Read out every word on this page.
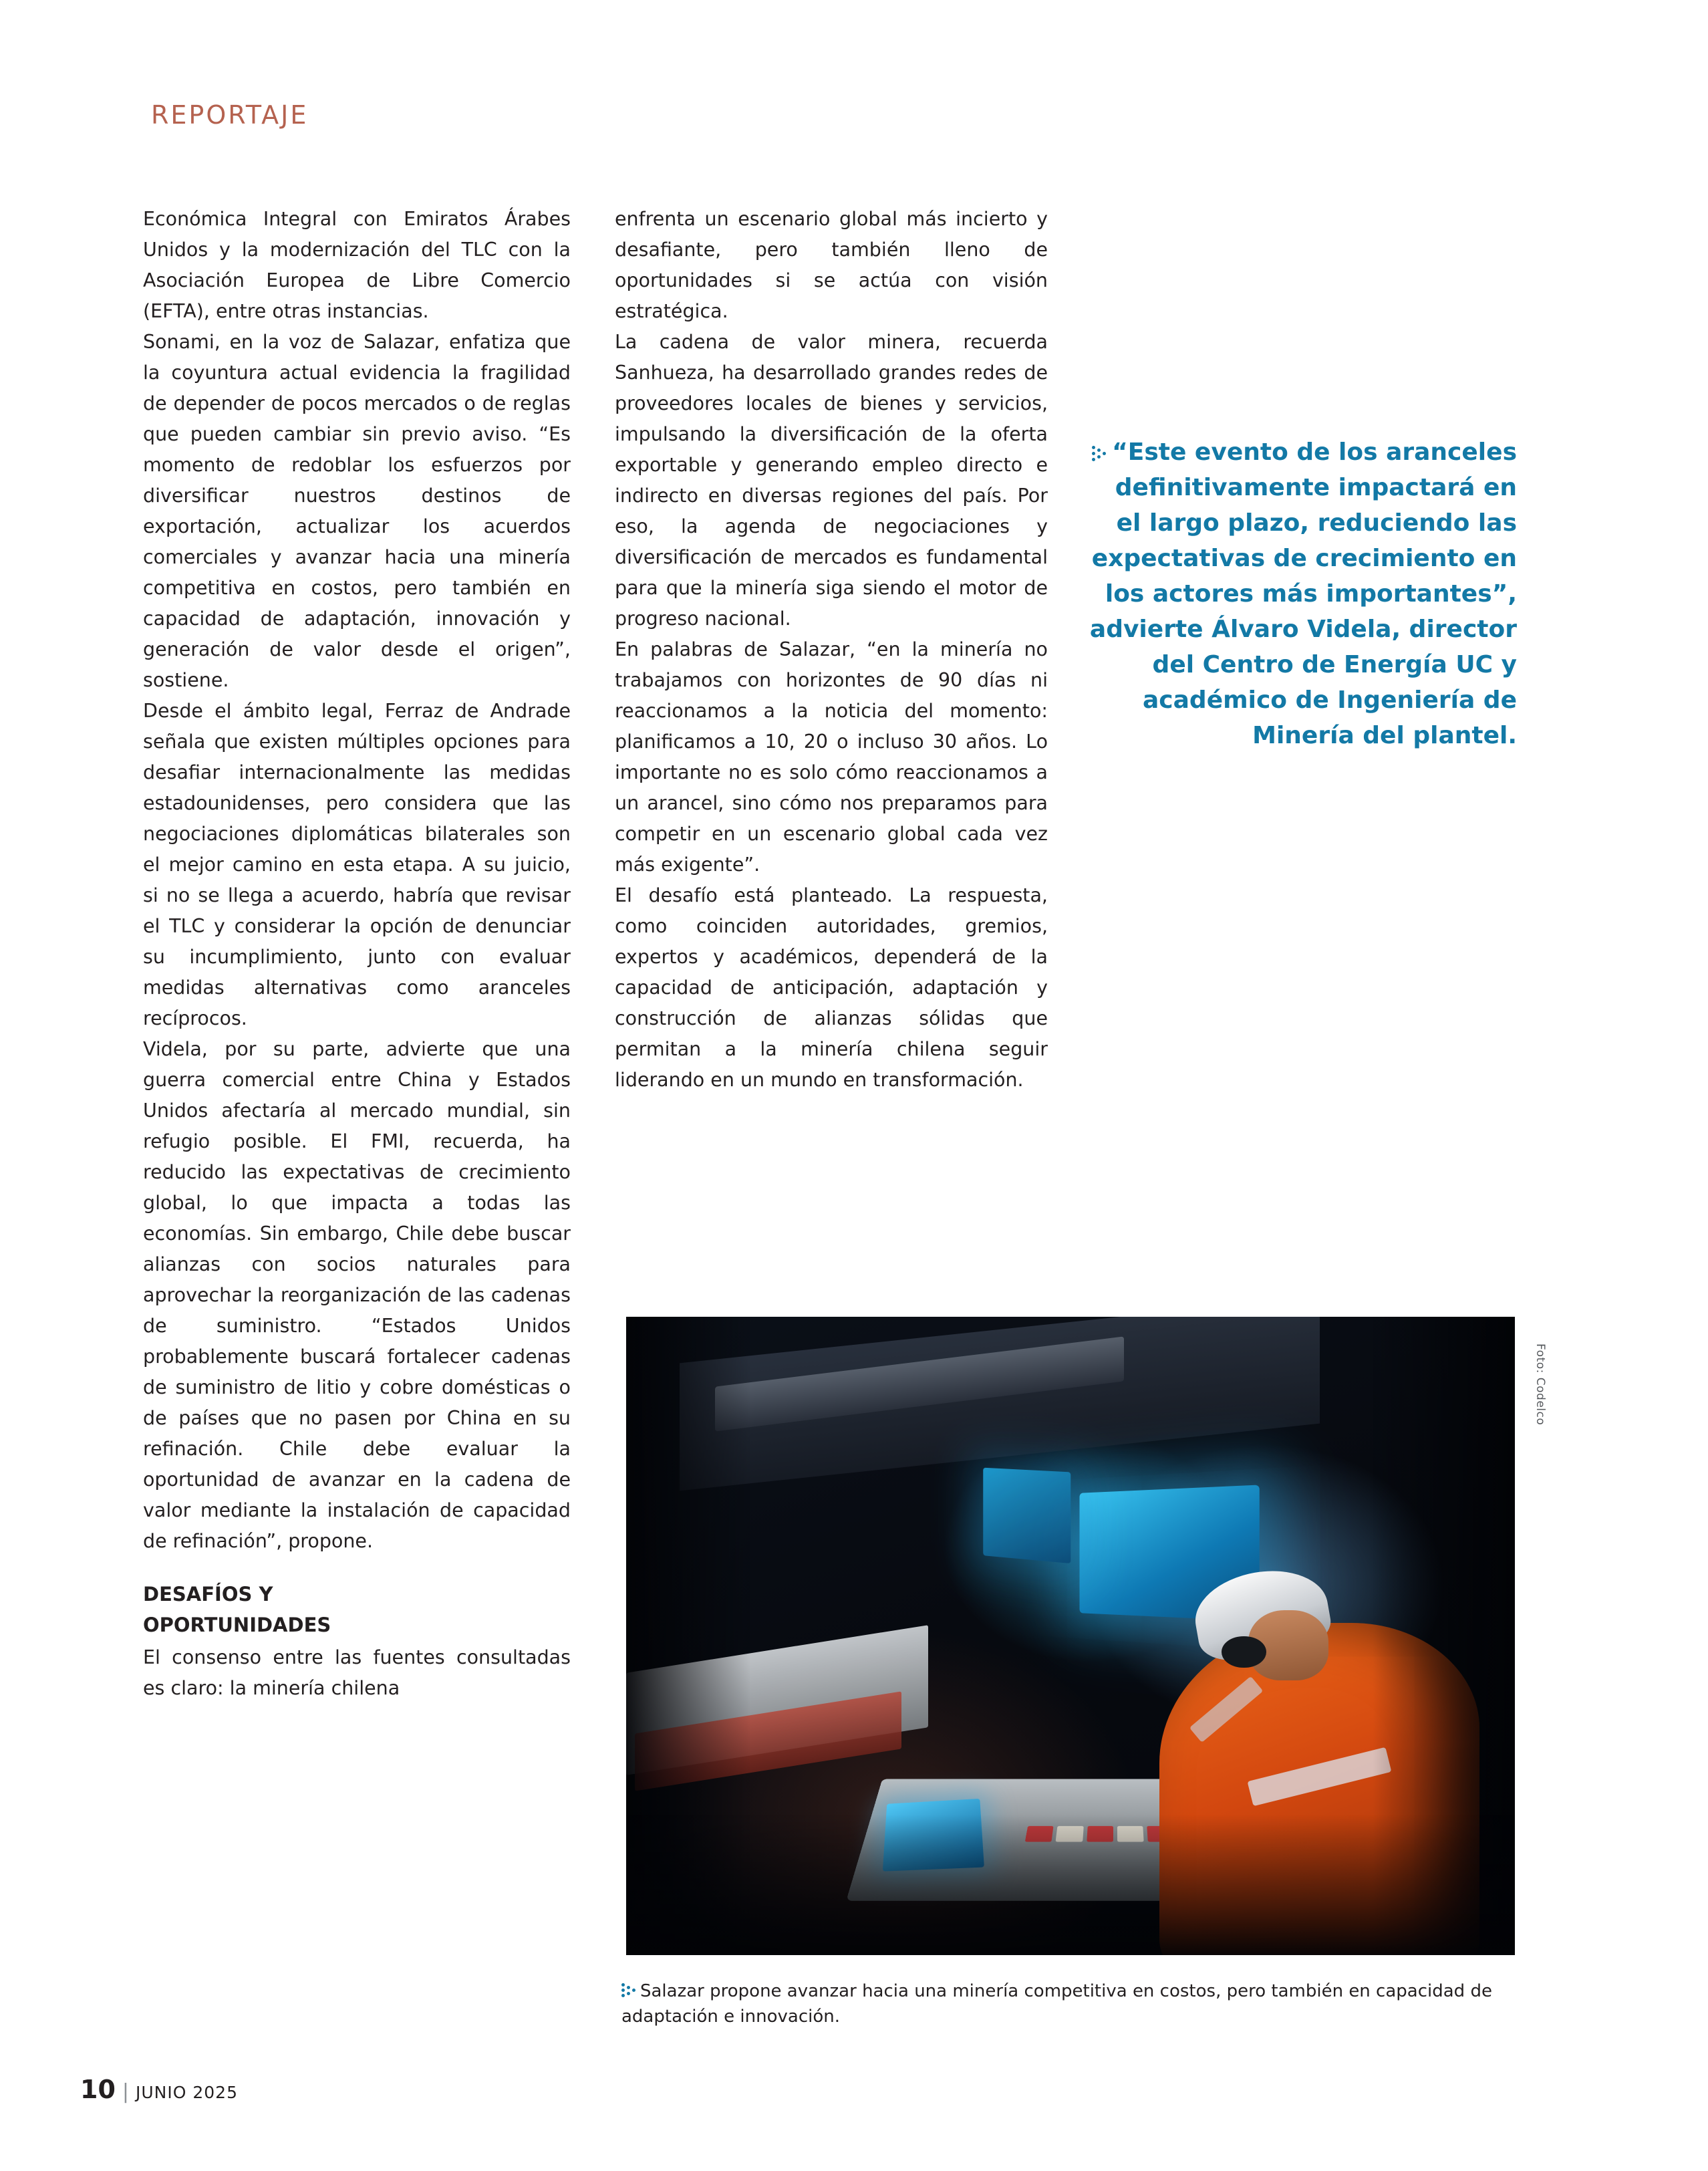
REPORTAJE

Económica Integral con Emiratos Árabes Unidos y la modernización del TLC con la Asociación Europea de Libre Comercio (EFTA), entre otras instancias.

Sonami, en la voz de Salazar, enfatiza que la coyuntura actual evidencia la fragilidad de depender de pocos mercados o de reglas que pueden cambiar sin previo aviso. “Es momento de redoblar los esfuerzos por diversificar nuestros destinos de exportación, actualizar los acuerdos comerciales y avanzar hacia una minería competitiva en costos, pero también en capacidad de adaptación, innovación y generación de valor desde el origen”, sostiene.

Desde el ámbito legal, Ferraz de Andrade señala que existen múltiples opciones para desafiar internacionalmente las medidas estadounidenses, pero considera que las negociaciones diplomáticas bilaterales son el mejor camino en esta etapa. A su juicio, si no se llega a acuerdo, habría que revisar el TLC y considerar la opción de denunciar su incumplimiento, junto con evaluar medidas alternativas como aranceles recíprocos.

Videla, por su parte, advierte que una guerra comercial entre China y Estados Unidos afectaría al mercado mundial, sin refugio posible. El FMI, recuerda, ha reducido las expectativas de crecimiento global, lo que impacta a todas las economías. Sin embargo, Chile debe buscar alianzas con socios naturales para aprovechar la reorganización de las cadenas de suministro. “Estados Unidos probablemente buscará fortalecer cadenas de suministro de litio y cobre domésticas o de países que no pasen por China en su refinación. Chile debe evaluar la oportunidad de avanzar en la cadena de valor mediante la instalación de capacidad de refinación”, propone.

DESAFÍOS Y

OPORTUNIDADES

El consenso entre las fuentes consultadas es claro: la minería chilena

enfrenta un escenario global más incierto y desafiante, pero también lleno de oportunidades si se actúa con visión estratégica.

La cadena de valor minera, recuerda Sanhueza, ha desarrollado grandes redes de proveedores locales de bienes y servicios, impulsando la diversificación de la oferta exportable y generando empleo directo e indirecto en diversas regiones del país. Por eso, la agenda de negociaciones y diversificación de mercados es fundamental para que la minería siga siendo el motor de progreso nacional.

En palabras de Salazar, “en la minería no trabajamos con horizontes de 90 días ni reaccionamos a la noticia del momento: planificamos a 10, 20 o incluso 30 años. Lo importante no es solo cómo reaccionamos a un arancel, sino cómo nos preparamos para competir en un escenario global cada vez más exigente”.

El desafío está planteado. La respuesta, como coinciden autoridades, gremios, expertos y académicos, dependerá de la capacidad de anticipación, adaptación y construcción de alianzas sólidas que permitan a la minería chilena seguir liderando en un mundo en transformación.

“Este evento de los aranceles definitivamente impactará en el largo plazo, reduciendo las expectativas de crecimiento en los actores más importantes”, advierte Álvaro Videla, director del Centro de Energía UC y académico de Ingeniería de Minería del plantel.
Foto: Codelco
Salazar propone avanzar hacia una minería competitiva en costos, pero también en capacidad de adaptación e innovación.
10 | JUNIO 2025
